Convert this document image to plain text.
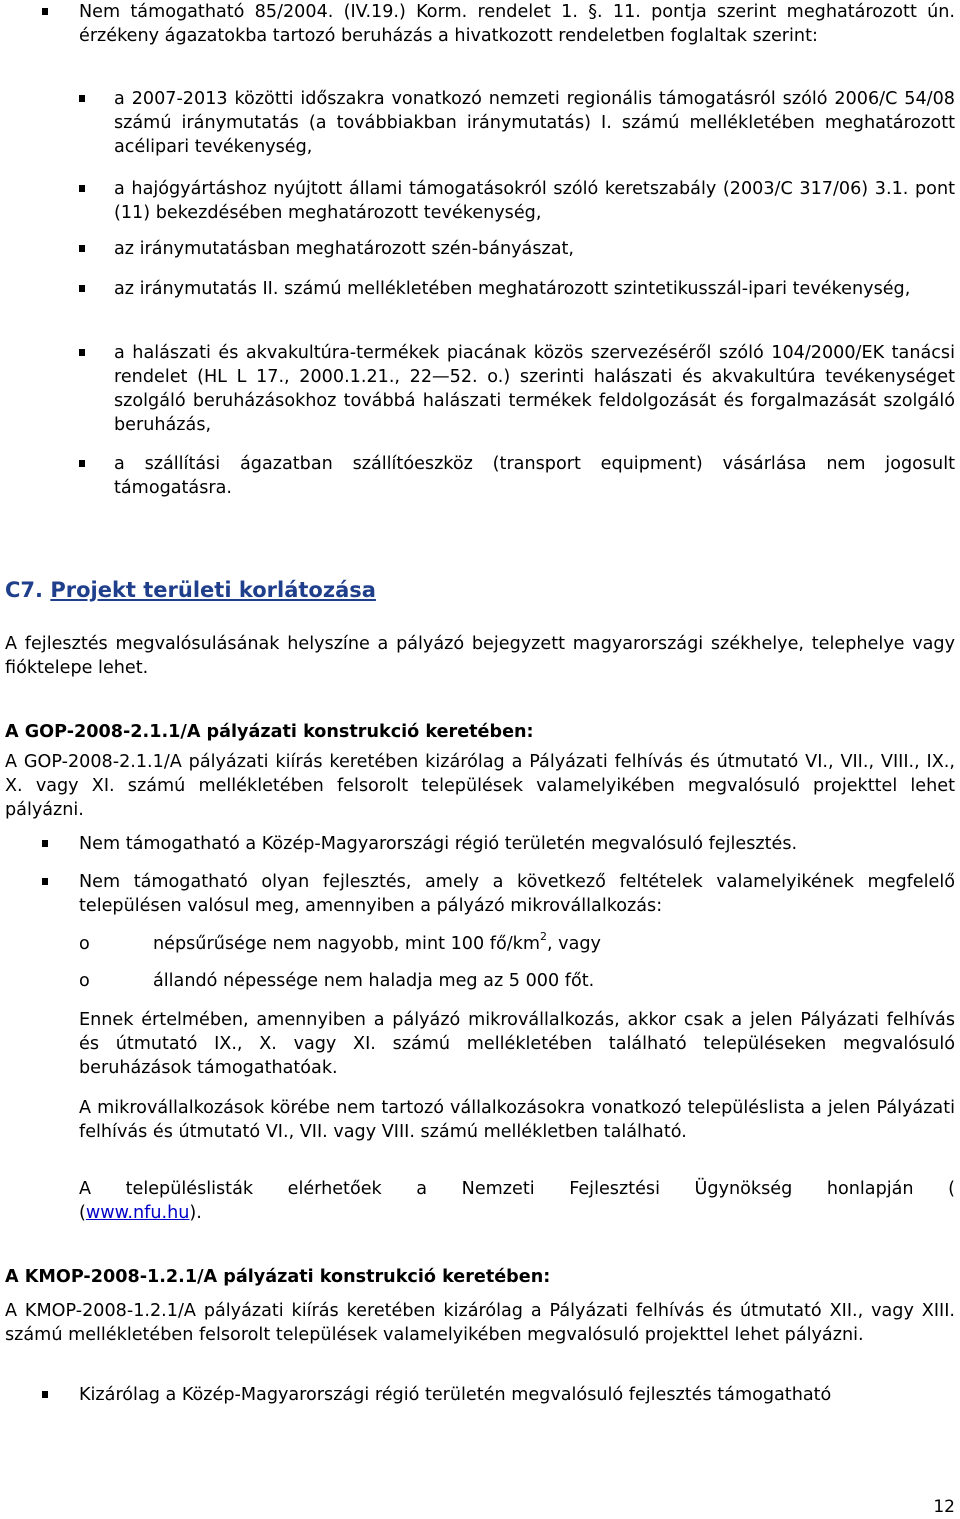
Nem támogatható 85/2004. (IV.19.) Korm. rendelet 1. §. 11. pontja szerint meghatározott ún. érzékeny ágazatokba tartozó beruházás a hivatkozott rendeletben foglaltak szerint:

a 2007-2013 közötti időszakra vonatkozó nemzeti regionális támogatásról szóló 2006/C 54/08 számú iránymutatás (a továbbiakban iránymutatás) I. számú mellékletében meghatározott acélipari tevékenység,

a hajógyártáshoz nyújtott állami támogatásokról szóló keretszabály (2003/C 317/06) 3.1. pont (11) bekezdésében meghatározott tevékenység,

az iránymutatásban meghatározott szén-bányászat,

az iránymutatás II. számú mellékletében meghatározott szintetikusszál-ipari tevékenység,

a halászati és akvakultúra-termékek piacának közös szervezéséről szóló 104/2000/EK tanácsi rendelet (HL L 17., 2000.1.21., 22—52. o.) szerinti halászati és akvakultúra tevékenységet szolgáló beruházásokhoz továbbá halászati termékek feldolgozását és forgalmazását szolgáló beruházás,

a szállítási ágazatban szállítóeszköz (transport equipment) vásárlása nem jogosult támogatásra.

C7. Projekt területi korlátozása

A fejlesztés megvalósulásának helyszíne a pályázó bejegyzett magyarországi székhelye, telephelye vagy fióktelepe lehet.

A GOP-2008-2.1.1/A pályázati konstrukció keretében:

A GOP-2008-2.1.1/A pályázati kiírás keretében kizárólag a Pályázati felhívás és útmutató VI., VII., VIII., IX., X. vagy XI. számú mellékletében felsorolt települések valamelyikében megvalósuló projekttel lehet pályázni.

Nem támogatható a Közép-Magyarországi régió területén megvalósuló fejlesztés.

Nem támogatható olyan fejlesztés, amely a következő feltételek valamelyikének megfelelő településen valósul meg, amennyiben a pályázó mikrovállalkozás:

o	népsűrűsége nem nagyobb, mint 100 $fő/km^2$, vagy

o	állandó népessége nem haladja meg az 5 000 főt.

Ennek értelmében, amennyiben a pályázó mikrovállalkozás, akkor csak a jelen Pályázati felhívás és útmutató IX., X. vagy XI. számú mellékletében található településeken megvalósuló beruházások támogathatóak.

A mikrovállalkozások körébe nem tartozó vállalkozásokra vonatkozó településlista a jelen Pályázati felhívás és útmutató VI., VII. vagy VIII. számú mellékletben található.

A településlisták elérhetőek a Nemzeti Fejlesztési Ügynökség honlapján (

(www.nfu.hu).

A KMOP-2008-1.2.1/A pályázati konstrukció keretében:

A KMOP-2008-1.2.1/A pályázati kiírás keretében kizárólag a Pályázati felhívás és útmutató XII., vagy XIII. számú mellékletében felsorolt települések valamelyikében megvalósuló projekttel lehet pályázni.

Kizárólag a Közép-Magyarországi régió területén megvalósuló fejlesztés támogatható

12
